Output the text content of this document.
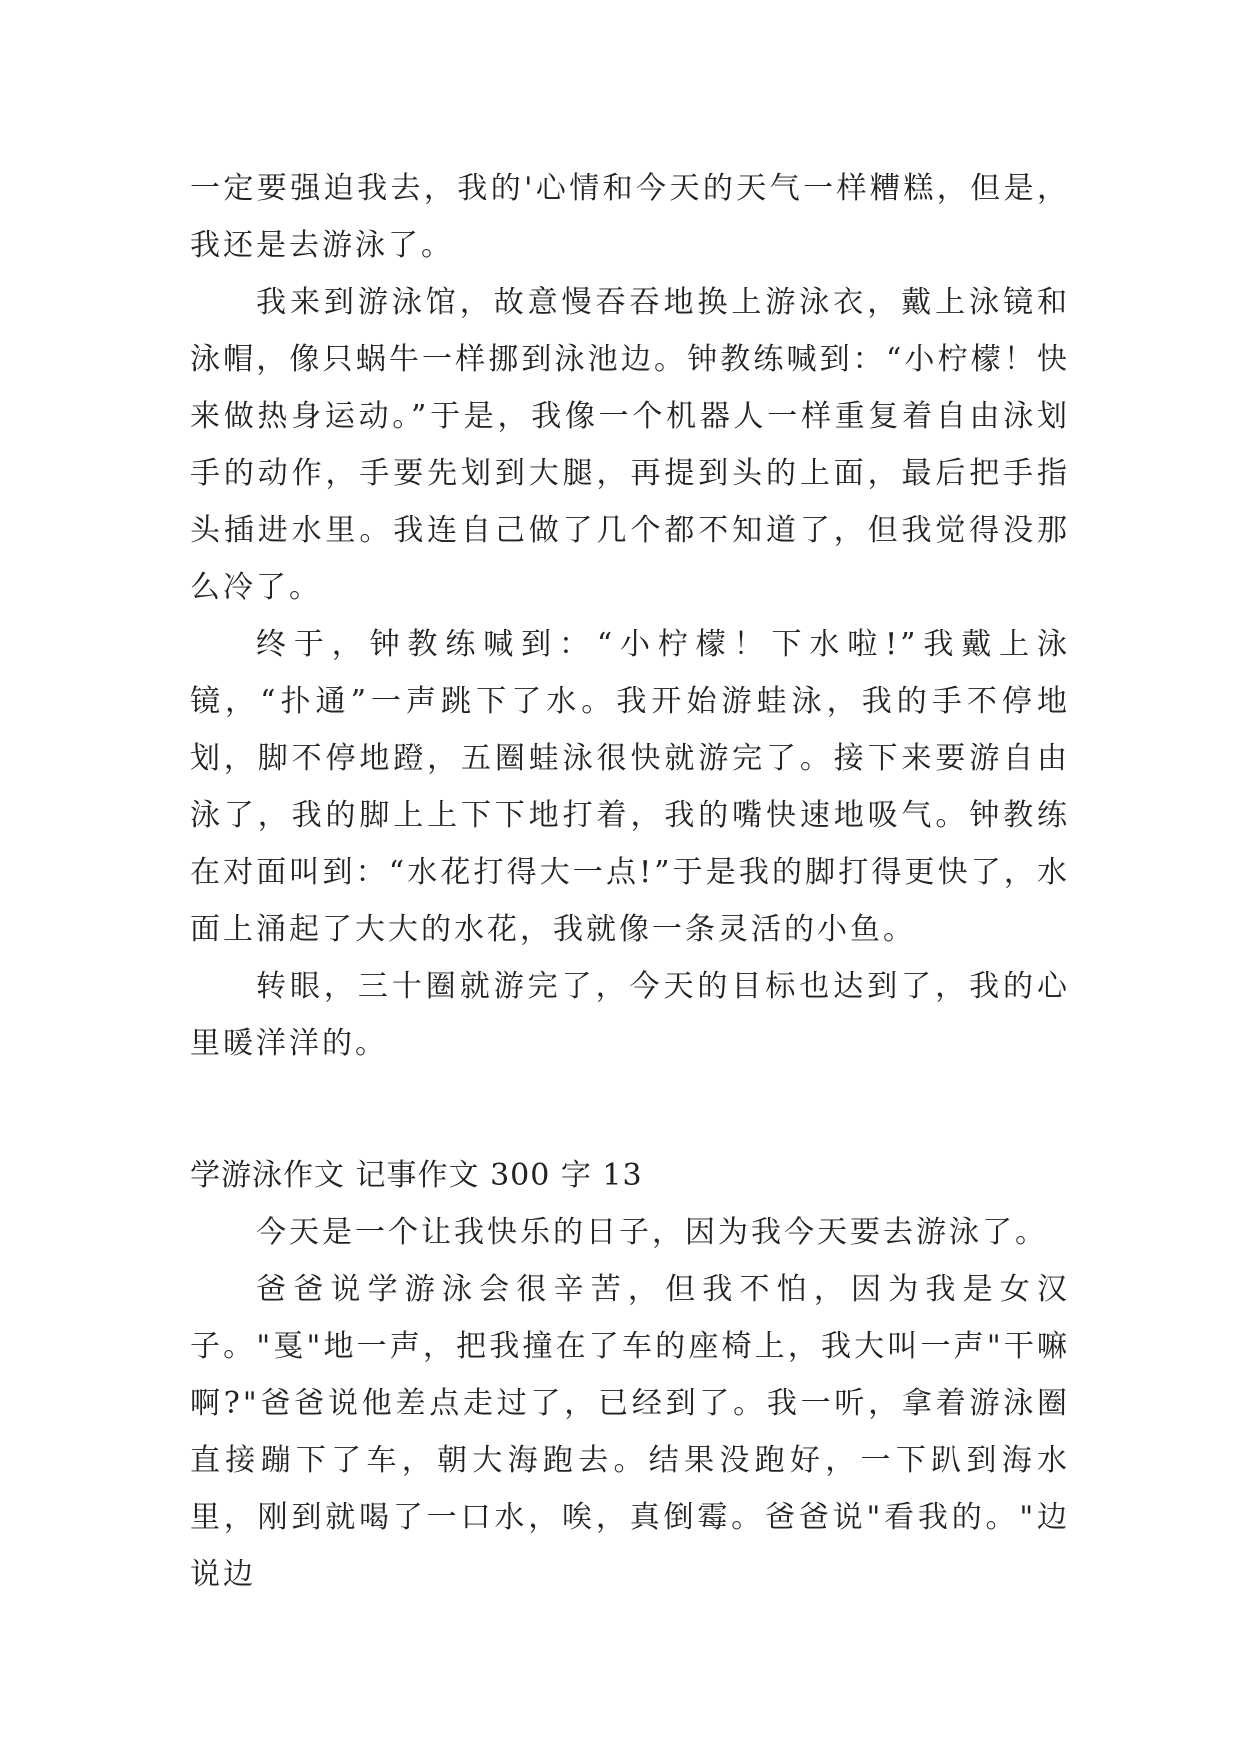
一定要强迫我去，我的'心情和今天的天气一样糟糕，但是，我还是去游泳了。

我来到游泳馆，故意慢吞吞地换上游泳衣，戴上泳镜和泳帽，像只蜗牛一样挪到泳池边。钟教练喊到：“小柠檬！快来做热身运动。”于是，我像一个机器人一样重复着自由泳划手的动作，手要先划到大腿，再提到头的上面，最后把手指头插进水里。我连自己做了几个都不知道了，但我觉得没那么冷了。

终于，钟教练喊到：“小柠檬！下水啦!”我戴上泳镜，“扑通”一声跳下了水。我开始游蛙泳，我的手不停地划，脚不停地蹬，五圈蛙泳很快就游完了。接下来要游自由泳了，我的脚上上下下地打着，我的嘴快速地吸气。钟教练在对面叫到：“水花打得大一点!”于是我的脚打得更快了，水面上涌起了大大的水花，我就像一条灵活的小鱼。

转眼，三十圈就游完了，今天的目标也达到了，我的心里暖洋洋的。

学游泳作文 记事作文 300 字 13

今天是一个让我快乐的日子，因为我今天要去游泳了。

爸爸说学游泳会很辛苦，但我不怕，因为我是女汉子。"戛"地一声，把我撞在了车的座椅上，我大叫一声"干嘛啊?"爸爸说他差点走过了，已经到了。我一听，拿着游泳圈直接蹦下了车，朝大海跑去。结果没跑好，一下趴到海水里，刚到就喝了一口水，唉，真倒霉。爸爸说"看我的。"边说边
